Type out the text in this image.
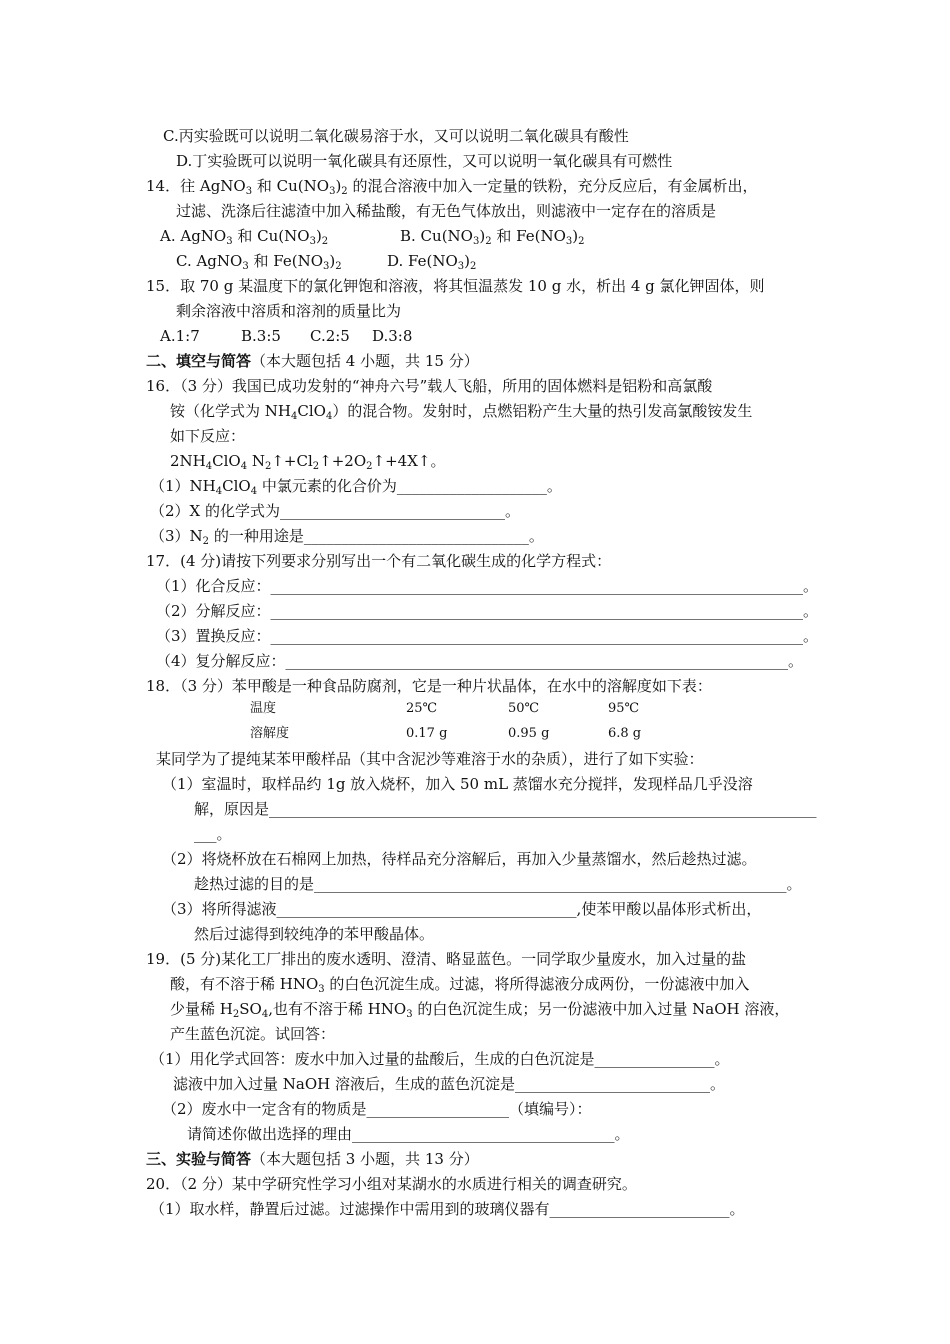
C.丙实验既可以说明二氧化碳易溶于水，又可以说明二氧化碳具有酸性
D.丁实验既可以说明一氧化碳具有还原性，又可以说明一氧化碳具有可燃性
14．往 AgNO$_3$ 和 $Cu(NO_3)_2$ 的混合溶液中加入一定量的铁粉，充分反应后，有金属析出，
过滤、洗涤后往滤渣中加入稀盐酸，有无色气体放出，则滤液中一定存在的溶质是
A. AgNO$_3$ 和 $Cu(NO_3)_2$	B. $Cu(NO_3)_2$ 和 $Fe(NO_3)_2$
C. AgNO$_3$ 和 $Fe(NO_3)_2$	D. $Fe(NO_3)_2$
15．取 70 g 某温度下的氯化钾饱和溶液，将其恒温蒸发 10 g 水，析出 4 g 氯化钾固体，则
剩余溶液中溶质和溶剂的质量比为
A.1:7	B.3:5 C.2:5 D.3:8
二、填空与简答（本大题包括 4 小题，共 15 分）
16．（3 分）我国已成功发射的“神舟六号”载人飞船，所用的固体燃料是铝粉和高氯酸
铵（化学式为 $NH_4ClO_4$）的混合物。发射时，点燃铝粉产生大量的热引发高氯酸铵发生
如下反应：
$2NH_4ClO_4$ $N_2↑+Cl_2↑+2O_2↑+4X↑$。
$(1)NH_4ClO_4$ 中氯元素的化合价为____________________。
（2）X 的化学式为______________________________。
$(3)N_2$ 的一种用途是______________________________。
17．(4 分)请按下列要求分别写出一个有二氧化碳生成的化学方程式：
（1）化合反应：_______________________________________________________________________。
（2）分解反应：_______________________________________________________________________。
（3）置换反应：_______________________________________________________________________。
（4）复分解反应：___________________________________________________________________。
18．（3 分）苯甲酸是一种食品防腐剂，它是一种片状晶体，在水中的溶解度如下表：
温度	25℃	50℃	95℃
溶解度	0.17 g	0.95 g	6.8 g
某同学为了提纯某苯甲酸样品（其中含泥沙等难溶于水的杂质），进行了如下实验：
（1）室温时，取样品约 1g 放入烧杯，加入 50 mL 蒸馏水充分搅拌，发现样品几乎没溶
解，原因是_________________________________________________________________________
___。
（2）将烧杯放在石棉网上加热，待样品充分溶解后，再加入少量蒸馏水，然后趁热过滤。
趁热过滤的目的是_______________________________________________________________。
（3）将所得滤液________________________________________,使苯甲酸以晶体形式析出，
然后过滤得到较纯净的苯甲酸晶体。
19．(5 分)某化工厂排出的废水透明、澄清、略显蓝色。一同学取少量废水，加入过量的盐
酸，有不溶于稀 $HNO_3$ 的白色沉淀生成。过滤，将所得滤液分成两份，一份滤液中加入
少量稀 $H_2SO_4$,也有不溶于稀 $HNO_3$ 的白色沉淀生成；另一份滤液中加入过量 NaOH 溶液，
产生蓝色沉淀。试回答：
（1）用化学式回答：废水中加入过量的盐酸后，生成的白色沉淀是________________。
滤液中加入过量 NaOH 溶液后，生成的蓝色沉淀是__________________________。
（2）废水中一定含有的物质是___________________（填编号）：
请简述你做出选择的理由___________________________________。
三、实验与简答（本大题包括 3 小题，共 13 分）
20．（2 分）某中学研究性学习小组对某湖水的水质进行相关的调查研究。
（1）取水样，静置后过滤。过滤操作中需用到的玻璃仪器有________________________。
